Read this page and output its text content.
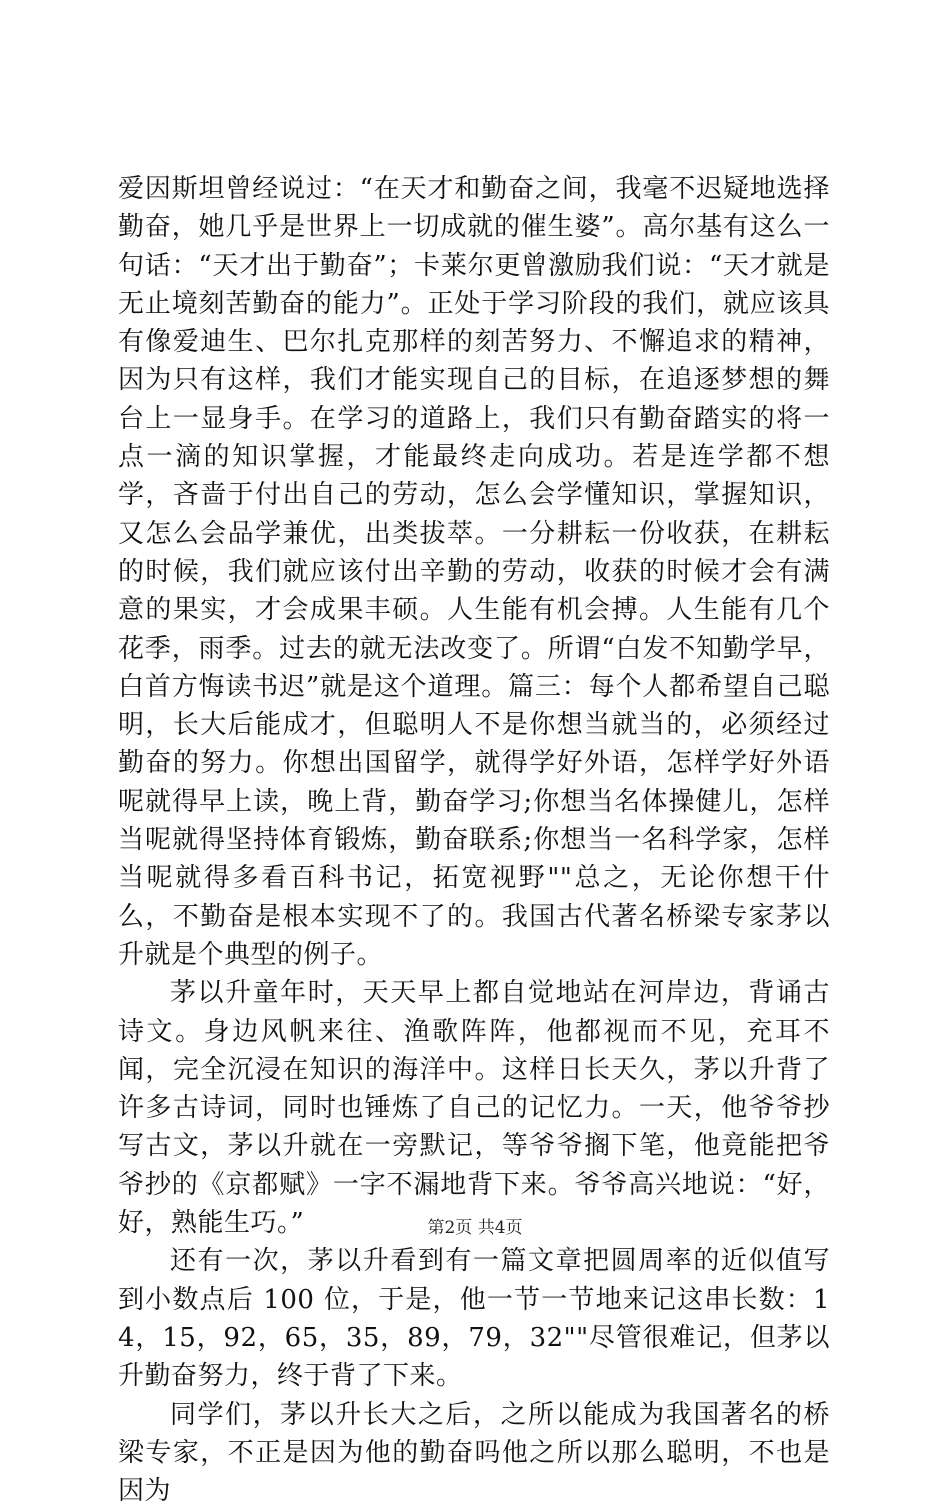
爱因斯坦曾经说过：“在天才和勤奋之间，我毫不迟疑地选择勤奋，她几乎是世界上一切成就的催生婆”。高尔基有这么一句话：“天才出于勤奋”；卡莱尔更曾激励我们说：“天才就是无止境刻苦勤奋的能力”。正处于学习阶段的我们，就应该具有像爱迪生、巴尔扎克那样的刻苦努力、不懈追求的精神，因为只有这样，我们才能实现自己的目标，在追逐梦想的舞台上一显身手。在学习的道路上，我们只有勤奋踏实的将一点一滴的知识掌握，才能最终走向成功。若是连学都不想学，吝啬于付出自己的劳动，怎么会学懂知识，掌握知识，又怎么会品学兼优，出类拔萃。一分耕耘一份收获，在耕耘的时候，我们就应该付出辛勤的劳动，收获的时候才会有满意的果实，才会成果丰硕。人生能有机会搏。人生能有几个花季，雨季。过去的就无法改变了。所谓“白发不知勤学早，白首方悔读书迟”就是这个道理。篇三：每个人都希望自己聪明，长大后能成才，但聪明人不是你想当就当的，必须经过勤奋的努力。你想出国留学，就得学好外语，怎样学好外语呢就得早上读，晚上背，勤奋学习;你想当名体操健儿，怎样当呢就得坚持体育锻炼，勤奋联系;你想当一名科学家，怎样当呢就得多看百科书记，拓宽视野""总之，无论你想干什么，不勤奋是根本实现不了的。我国古代著名桥梁专家茅以升就是个典型的例子。

茅以升童年时，天天早上都自觉地站在河岸边，背诵古诗文。身边风帆来往、渔歌阵阵，他都视而不见，充耳不闻，完全沉浸在知识的海洋中。这样日长天久，茅以升背了许多古诗词，同时也锤炼了自己的记忆力。一天，他爷爷抄写古文，茅以升就在一旁默记，等爷爷搁下笔，他竟能把爷爷抄的《京都赋》一字不漏地背下来。爷爷高兴地说：“好，好，熟能生巧。”

还有一次，茅以升看到有一篇文章把圆周率的近似值写到小数点后 100 位，于是，他一节一节地来记这串长数：14，15，92，65，35，89，79，32""尽管很难记，但茅以升勤奋努力，终于背了下来。

同学们，茅以升长大之后，之所以能成为我国著名的桥梁专家，不正是因为他的勤奋吗他之所以那么聪明，不也是因为

第2页 共4页
